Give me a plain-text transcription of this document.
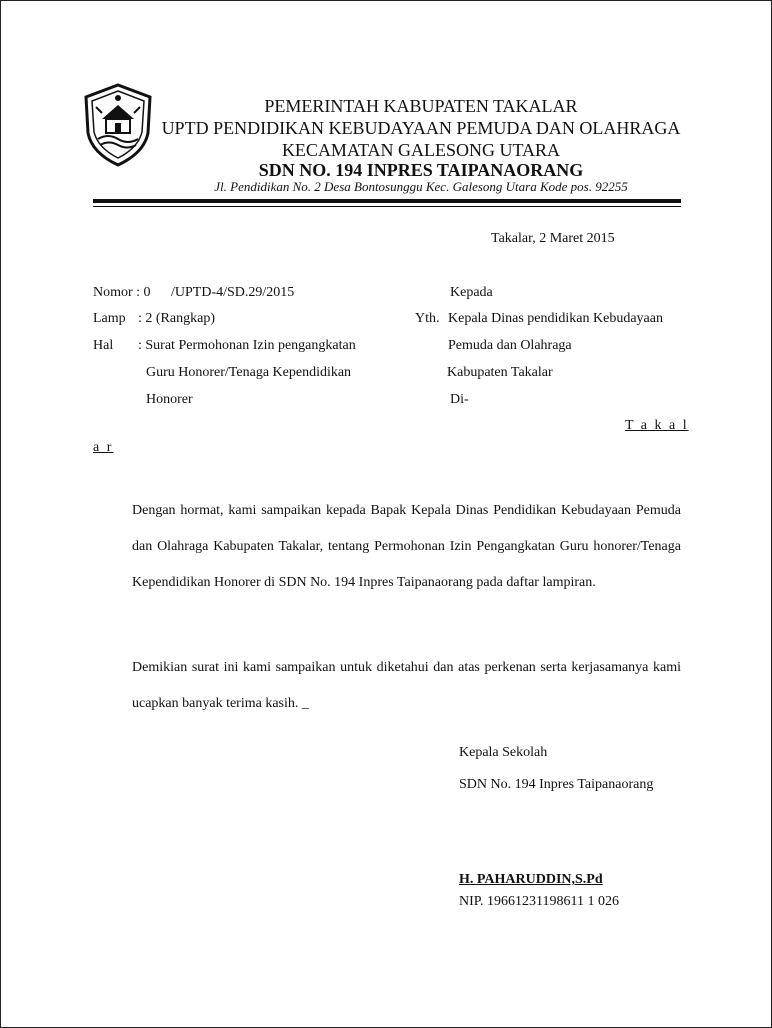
PEMERINTAH KABUPATEN TAKALAR
UPTD PENDIDIKAN KEBUDAYAAN PEMUDA DAN OLAHRAGA
KECAMATAN GALESONG UTARA
SDN NO. 194 INPRES TAIPANAORANG
Jl. Pendidikan No. 2 Desa Bontosunggu Kec. Galesong Utara Kode pos. 92255
Takalar, 2 Maret 2015
Nomor : 0 /UPTD-4/SD.29/2015
Lamp : 2 (Rangkap)
Hal : Surat Permohonan Izin pengangkatan
Guru Honorer/Tenaga Kependidikan
Honorer
Kepada
Yth. Kepala Dinas pendidikan Kebudayaan
Pemuda dan Olahraga
Kabupaten Takalar
Di-
T a k a l
a r

Dengan hormat, kami sampaikan kepada Bapak Kepala Dinas Pendidikan Kebudayaan Pemuda dan Olahraga Kabupaten Takalar, tentang Permohonan Izin Pengangkatan Guru honorer/Tenaga Kependidikan Honorer di SDN No. 194 Inpres Taipanaorang pada daftar lampiran.

Demikian surat ini kami sampaikan untuk diketahui dan atas perkenan serta kerjasamanya kami ucapkan banyak terima kasih. _

Kepala Sekolah
SDN No. 194 Inpres Taipanaorang
H. PAHARUDDIN,S.Pd
NIP. 19661231198611 1 026
